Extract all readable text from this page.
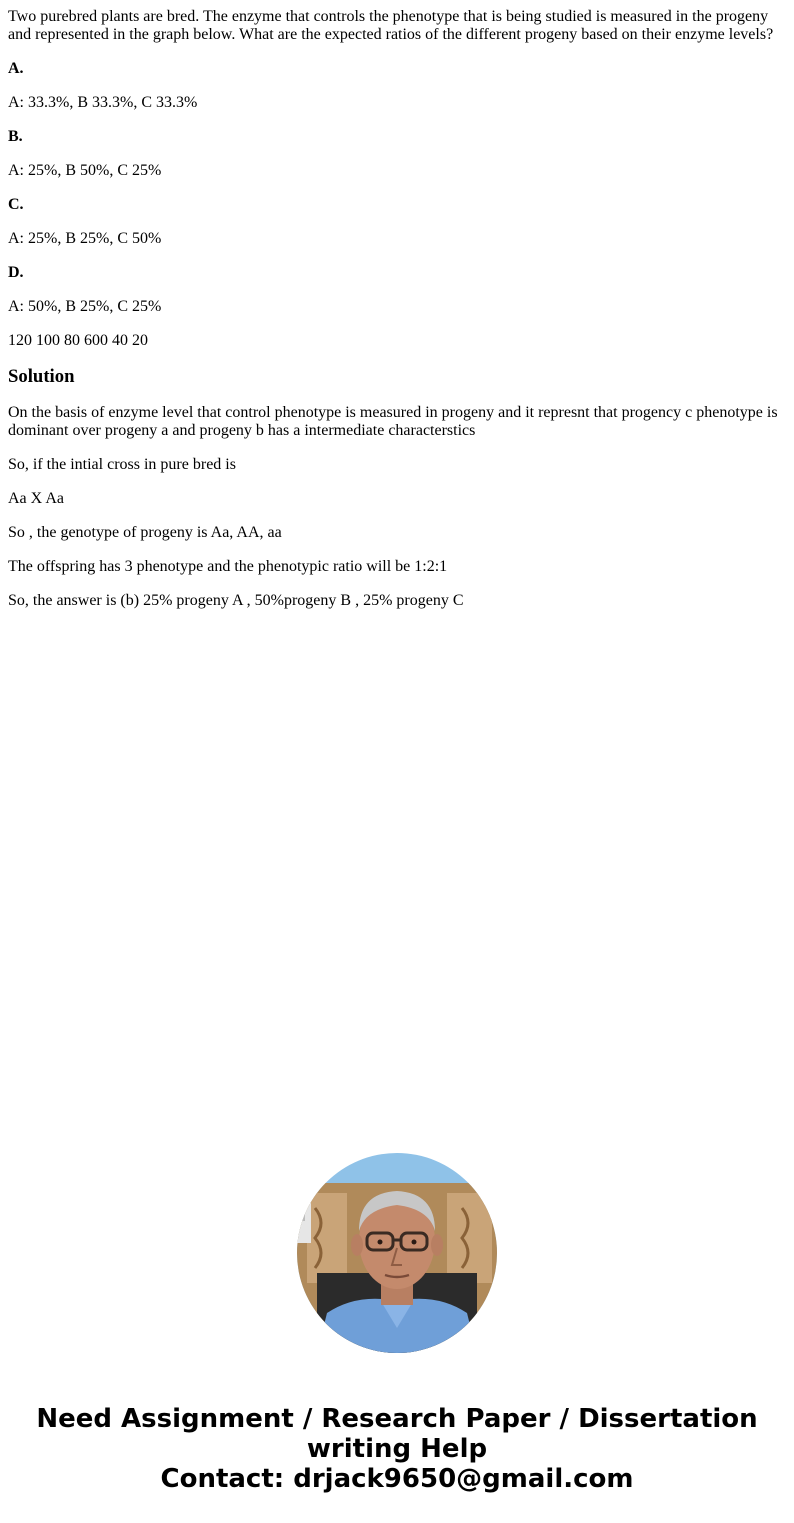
Two purebred plants are bred. The enzyme that controls the phenotype that is being studied is measured in the progeny and represented in the graph below. What are the expected ratios of the different progeny based on their enzyme levels?

A.

A: 33.3%, B 33.3%, C 33.3%

B.

A: 25%, B 50%, C 25%

C.

A: 25%, B 25%, C 50%

D.

A: 50%, B 25%, C 25%

120 100 80 600 40 20

Solution

On the basis of enzyme level that control phenotype is measured in progeny and it represnt that progency c phenotype is dominant over progeny a and progeny b has a intermediate characterstics

So, if the intial cross in pure bred is

Aa X Aa

So , the genotype of progeny is Aa, AA, aa

The offspring has 3 phenotype and the phenotypic ratio will be 1:2:1

So, the answer is (b) 25% progeny A , 50%progeny B , 25% progeny C

Need Assignment / Research Paper / Dissertation
writing Help
Contact: drjack9650@gmail.com
